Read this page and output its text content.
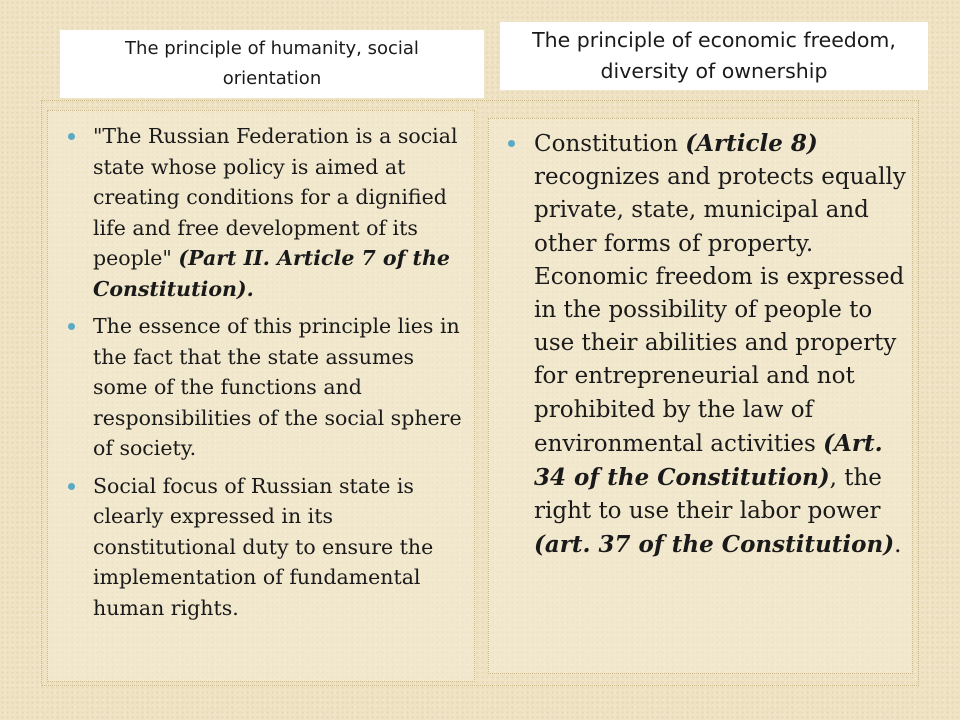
The principle of humanity, social orientation
The principle of economic freedom, diversity of ownership
"The Russian Federation is a social state whose policy is aimed at creating conditions for a dignified life and free development of its people" (Part II. Article 7 of the Constitution).
The essence of this principle lies in the fact that the state assumes some of the functions and responsibilities of the social sphere of society.
Social focus of Russian state is clearly expressed in its constitutional duty to ensure the implementation of fundamental human rights.
Constitution (Article 8) recognizes and protects equally private, state, municipal and other forms of property. Economic freedom is expressed in the possibility of people to use their abilities and property for entrepreneurial and not prohibited by the law of environmental activities (Art. 34 of the Constitution), the right to use their labor power (art. 37 of the Constitution).
